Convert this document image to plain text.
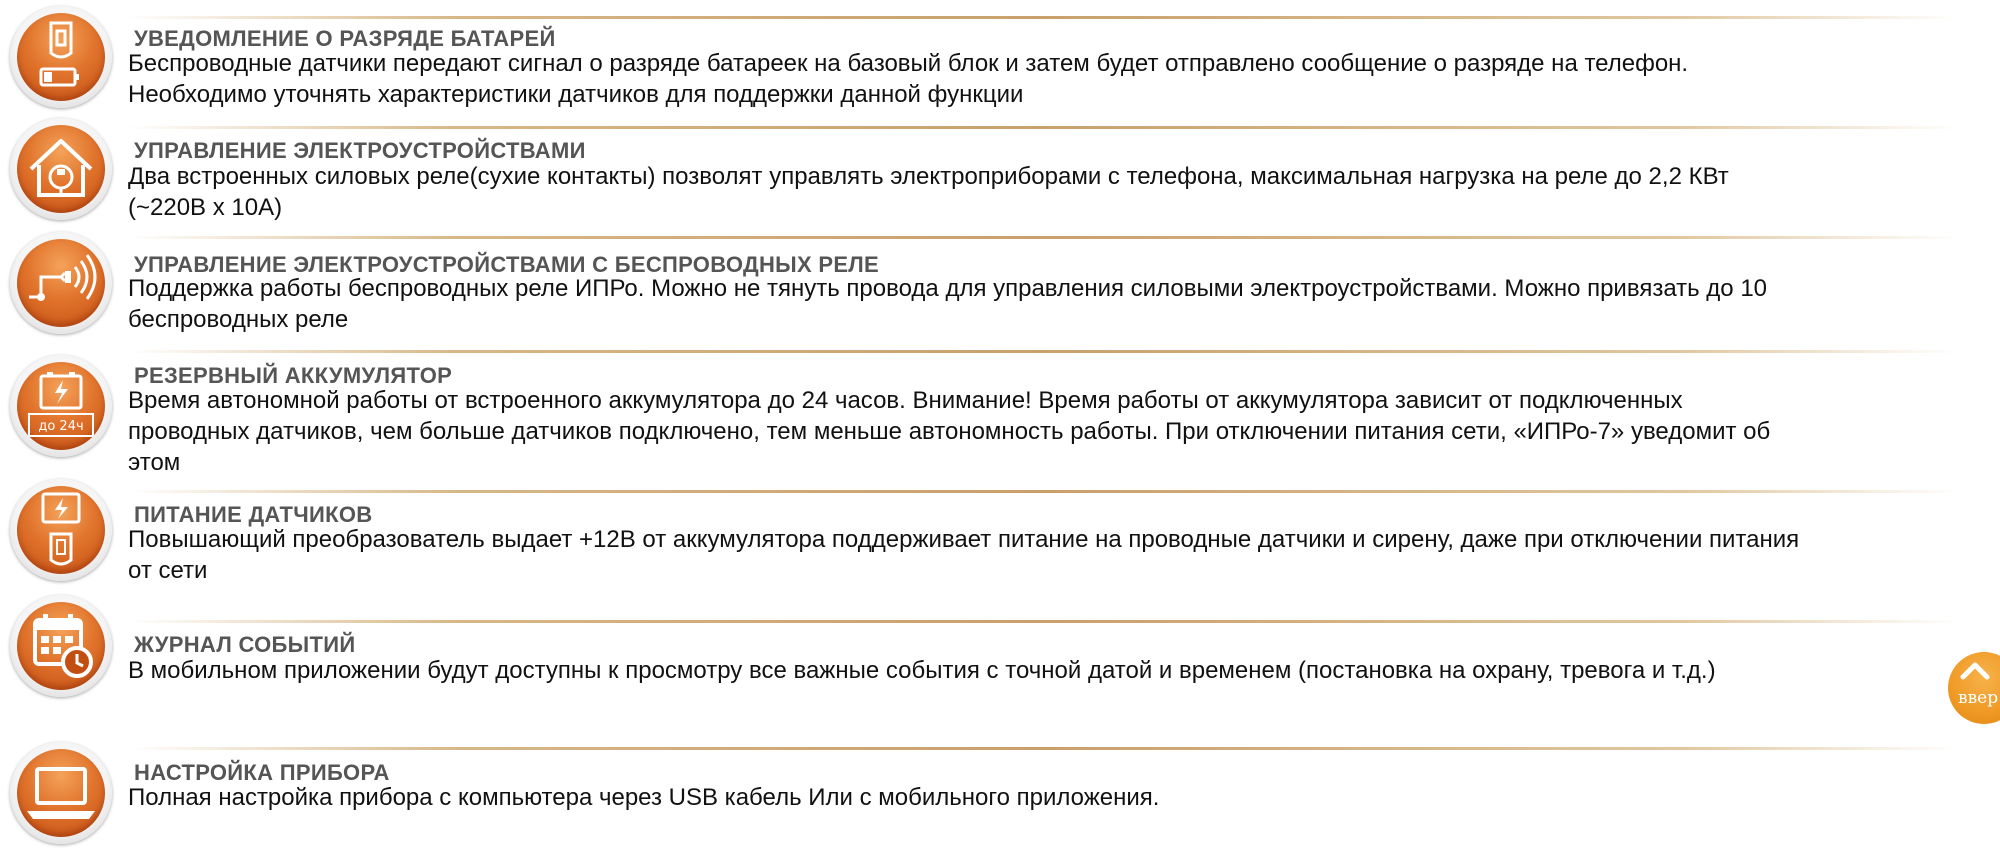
УВЕДОМЛЕНИЕ О РАЗРЯДЕ БАТАРЕЙ
Беспроводные датчики передают сигнал о разряде батареек на базовый блок и затем будет отправлено сообщение о разряде на телефон.
Необходимо уточнять характеристики датчиков для поддержки данной функции
УПРАВЛЕНИЕ ЭЛЕКТРОУСТРОЙСТВАМИ
Два встроенных силовых реле(сухие контакты) позволят управлять электроприборами с телефона, максимальная нагрузка на реле до 2,2 КВт
(~220В х 10А)
УПРАВЛЕНИЕ ЭЛЕКТРОУСТРОЙСТВАМИ С БЕСПРОВОДНЫХ РЕЛЕ
Поддержка работы беспроводных реле ИПРо. Можно не тянуть провода для управления силовыми электроустройствами. Можно привязать до 10
беспроводных реле
до 24ч
РЕЗЕРВНЫЙ АККУМУЛЯТОР
Время автономной работы от встроенного аккумулятора до 24 часов. Внимание! Время работы от аккумулятора зависит от подключенных
проводных датчиков, чем больше датчиков подключено, тем меньше автономность работы. При отключении питания сети, «ИПРо-7» уведомит об
этом
ПИТАНИЕ ДАТЧИКОВ
Повышающий преобразователь выдает +12В от аккумулятора поддерживает питание на проводные датчики и сирену, даже при отключении питания
от сети
ЖУРНАЛ СОБЫТИЙ
В мобильном приложении будут доступны к просмотру все важные события с точной датой и временем (постановка на охрану, тревога и т.д.)
НАСТРОЙКА ПРИБОРА
Полная настройка прибора с компьютера через USB кабель Или с мобильного приложения.
ввер
